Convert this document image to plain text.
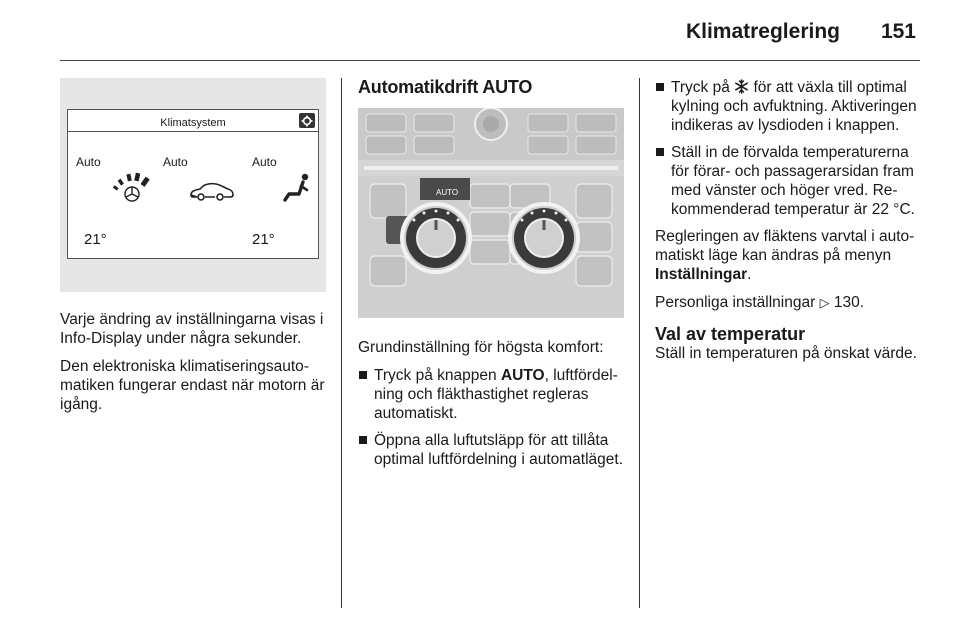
Klimatreglering 151
Klimatsystem
Auto	Auto	Auto
21°	21°

Varje ändring av inställningarna visas i Info-Display under några sekunder.

Den elektroniska klimatiseringsautomatiken fungerar endast när motorn är igång.

Automatikdrift AUTO
AUTO

Grundinställning för högsta komfort:

Tryck på knappen AUTO, luftfördelning och fläkthastighet regleras automatiskt.
Öppna alla luftutsläpp för att tillåta optimal luftfördelning i automatläget.
Tryck på  för att växla till optimal kylning och avfuktning. Aktiveringen indikeras av lysdioden i knappen.
Ställ in de förvalda temperaturerna för förar- och passagerarsidan fram med vänster och höger vred. Rekommenderad temperatur är 22 °C.

Regleringen av fläktens varvtal i automatiskt läge kan ändras på menyn Inställningar.

Personliga inställningar ▷ 130.

Val av temperatur

Ställ in temperaturen på önskat värde.
